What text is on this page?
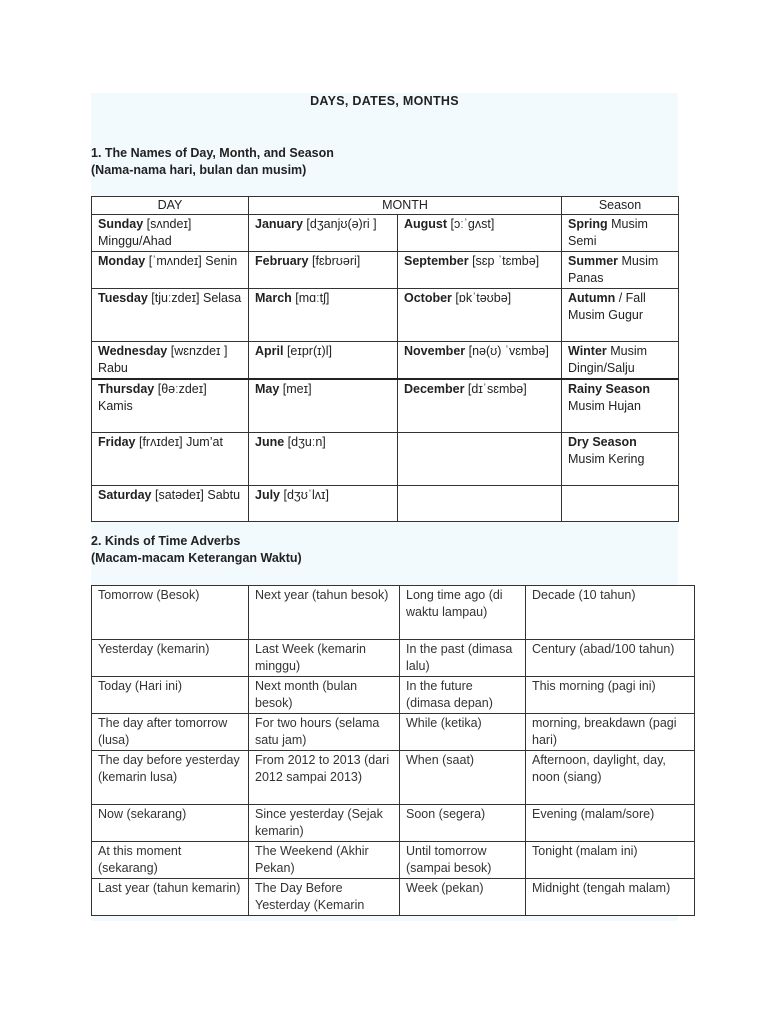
DAYS, DATES, MONTHS
1. The Names of Day, Month, and Season
(Nama-nama hari, bulan dan musim)
DAY	MONTH		Season
Sunday [sʌndeɪ] Minggu/Ahad	January [dʒanjʊ(ə)ri ]	August [ɔːˈɡʌst]	Spring Musim Semi
Monday [ˈmʌndeɪ] Senin	February [fɛbrʊəri]	September [sɛp ˈtɛmbə]	Summer Musim Panas
Tuesday [tjuːzdeɪ] Selasa	March [mɑːtʃ]	October [ɒkˈtəʊbə]	Autumn / Fall Musim Gugur
Wednesday [wɛnzdeɪ ] Rabu	April [eɪpr(ɪ)l]	November [nə(ʊ) ˈvɛmbə]	Winter Musim Dingin/Salju
Thursday [θəːzdeɪ] Kamis	May [meɪ]	December [dɪˈsɛmbə]	Rainy Season Musim Hujan
Friday [frʌɪdeɪ] Jum’at	June [dʒuːn]		Dry Season Musim Kering
Saturday [satədeɪ] Sabtu	July [dʒʊˈlʌɪ]		
2. Kinds of Time Adverbs
(Macam-macam Keterangan Waktu)
Tomorrow (Besok)	Next year (tahun besok)	Long time ago (di waktu lampau)	Decade (10 tahun)
Yesterday (kemarin)	Last Week (kemarin minggu)	In the past (dimasa lalu)	Century (abad/100 tahun)
Today (Hari ini)	Next month (bulan besok)	In the future (dimasa depan)	This morning (pagi ini)
The day after tomorrow (lusa)	For two hours (selama satu jam)	While (ketika)	morning, breakdawn (pagi hari)
The day before yesterday (kemarin lusa)	From 2012 to 2013 (dari 2012 sampai 2013)	When (saat)	Afternoon, daylight, day, noon (siang)
Now (sekarang)	Since yesterday (Sejak kemarin)	Soon (segera)	Evening (malam/sore)
At this moment (sekarang)	The Weekend (Akhir Pekan)	Until tomorrow (sampai besok)	Tonight (malam ini)
Last year (tahun kemarin)	The Day Before Yesterday (Kemarin	Week (pekan)	Midnight (tengah malam)
